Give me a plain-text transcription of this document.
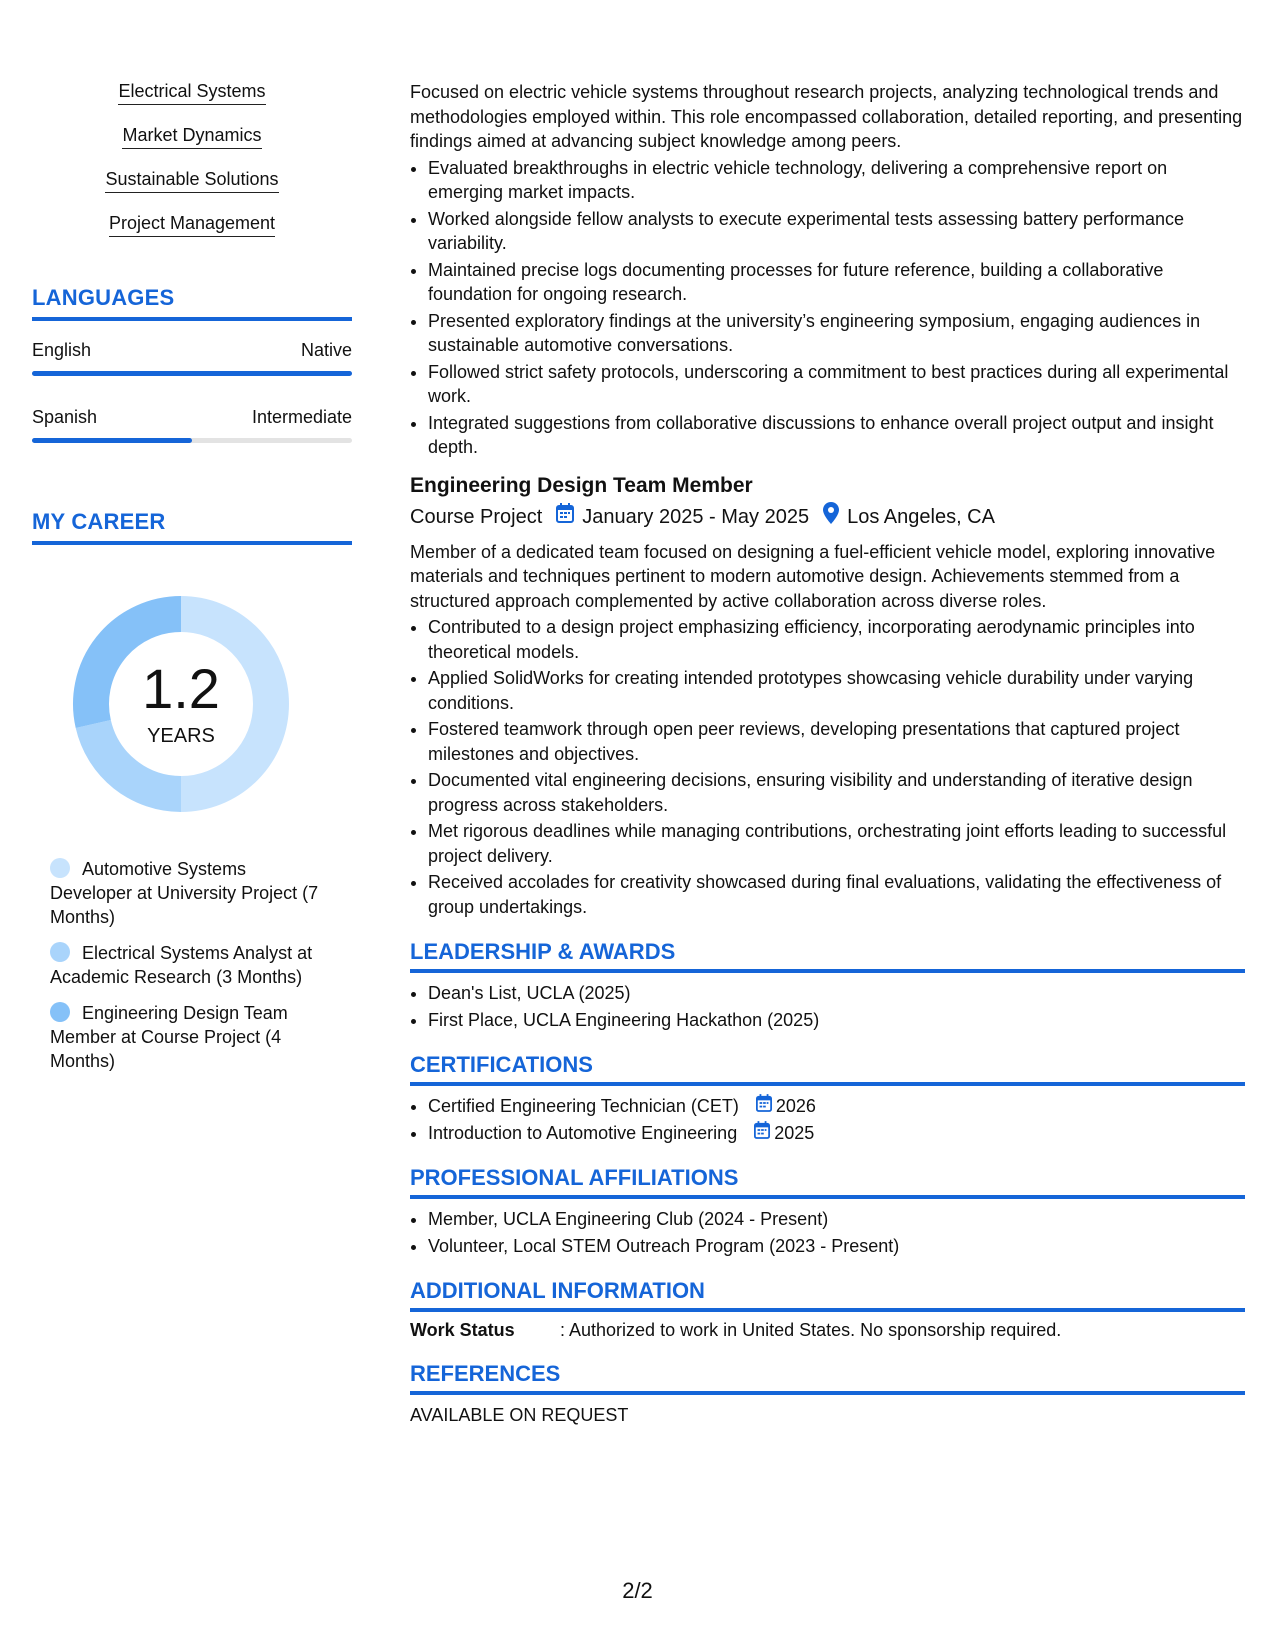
Electrical Systems
Market Dynamics
Sustainable Solutions
Project Management
LANGUAGES
English	Native
Spanish	Intermediate
MY CAREER
1.2
YEARS
Automotive Systems Developer at University Project (7 Months)
Electrical Systems Analyst at Academic Research (3 Months)
Engineering Design Team Member at Course Project (4 Months)

Focused on electric vehicle systems throughout research projects, analyzing technological trends and methodologies employed within. This role encompassed collaboration, detailed reporting, and presenting findings aimed at advancing subject knowledge among peers.

• Evaluated breakthroughs in electric vehicle technology, delivering a comprehensive report on emerging market impacts.
• Worked alongside fellow analysts to execute experimental tests assessing battery performance variability.
• Maintained precise logs documenting processes for future reference, building a collaborative foundation for ongoing research.
• Presented exploratory findings at the university’s engineering symposium, engaging audiences in sustainable automotive conversations.
• Followed strict safety protocols, underscoring a commitment to best practices during all experimental work.
• Integrated suggestions from collaborative discussions to enhance overall project output and insight depth.
Engineering Design Team Member
Course Project January 2025 - May 2025 Los Angeles, CA

Member of a dedicated team focused on designing a fuel-efficient vehicle model, exploring innovative materials and techniques pertinent to modern automotive design. Achievements stemmed from a structured approach complemented by active collaboration across diverse roles.

• Contributed to a design project emphasizing efficiency, incorporating aerodynamic principles into theoretical models.
• Applied SolidWorks for creating intended prototypes showcasing vehicle durability under varying conditions.
• Fostered teamwork through open peer reviews, developing presentations that captured project milestones and objectives.
• Documented vital engineering decisions, ensuring visibility and understanding of iterative design progress across stakeholders.
• Met rigorous deadlines while managing contributions, orchestrating joint efforts leading to successful project delivery.
• Received accolades for creativity showcased during final evaluations, validating the effectiveness of group undertakings.
LEADERSHIP & AWARDS
• Dean's List, UCLA (2025)
• First Place, UCLA Engineering Hackathon (2025)
CERTIFICATIONS
• Certified Engineering Technician (CET) 2026
• Introduction to Automotive Engineering 2025
PROFESSIONAL AFFILIATIONS
• Member, UCLA Engineering Club (2024 - Present)
• Volunteer, Local STEM Outreach Program (2023 - Present)
ADDITIONAL INFORMATION
Work Status	: Authorized to work in United States. No sponsorship required.
REFERENCES
AVAILABLE ON REQUEST
2/2
